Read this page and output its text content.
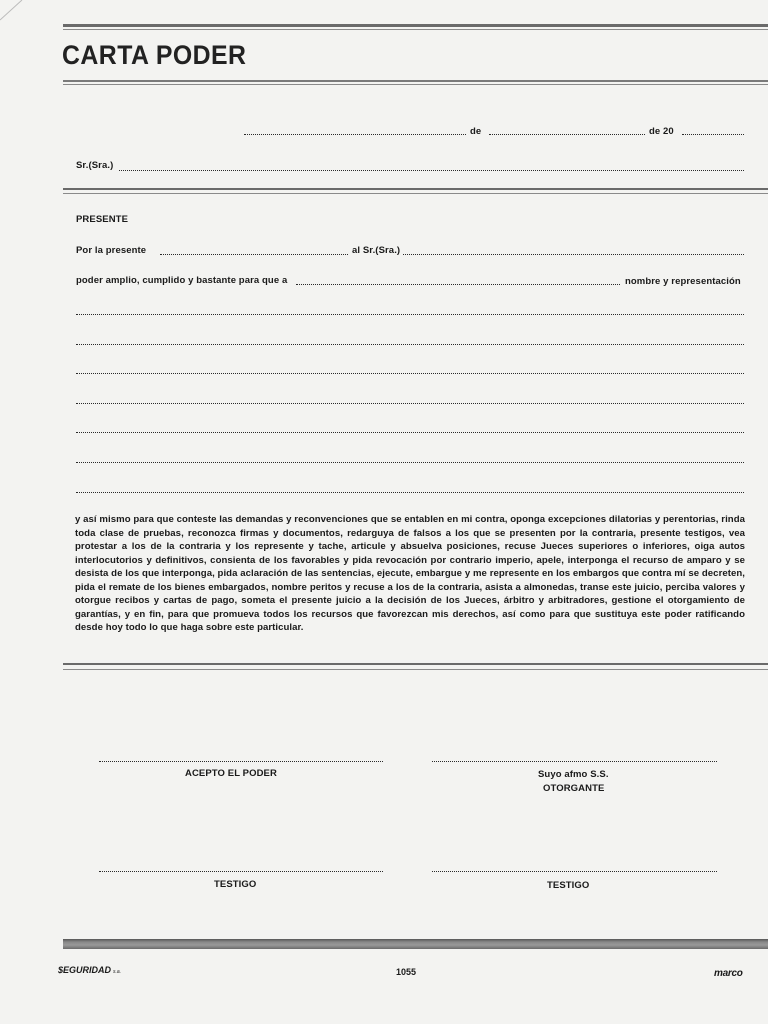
CARTA PODER
de	de 20
Sr.(Sra.)
PRESENTE
Por la presente	al Sr.(Sra.)
poder amplio, cumplido y bastante para que a	nombre y representación
y así mismo para que conteste las demandas y reconvenciones que se entablen en mi contra, oponga excepciones dilatorias y perentorias, rinda toda clase de pruebas, reconozca firmas y documentos, redarguya de falsos a los que se presenten por la contraria, presente testigos, vea protestar a los de la contraria y los represente y tache, articule y absuelva posiciones, recuse Jueces superiores o inferiores, oiga autos interlocutorios y definitivos, consienta de los favorables y pida revocación por contrario imperio, apele, interponga el recurso de amparo y se desista de los que interponga, pida aclaración de las sentencias, ejecute, embargue y me represente en los embargos que contra mí se decreten, pida el remate de los bienes embargados, nombre peritos y recuse a los de la contraria, asista a almonedas, transe este juicio, perciba valores y otorgue recibos y cartas de pago, someta el presente juicio a la decisión de los Jueces, árbitro y arbitradores, gestione el otorgamiento de garantías, y en fin, para que promueva todos los recursos que favorezcan mis derechos, así como para que sustituya este poder ratificando desde hoy todo lo que haga sobre este particular.
ACEPTO EL PODER	Suyo afmo S.S.
OTORGANTE
TESTIGO	TESTIGO
$EGURIDAD s.a.	1055	marco
